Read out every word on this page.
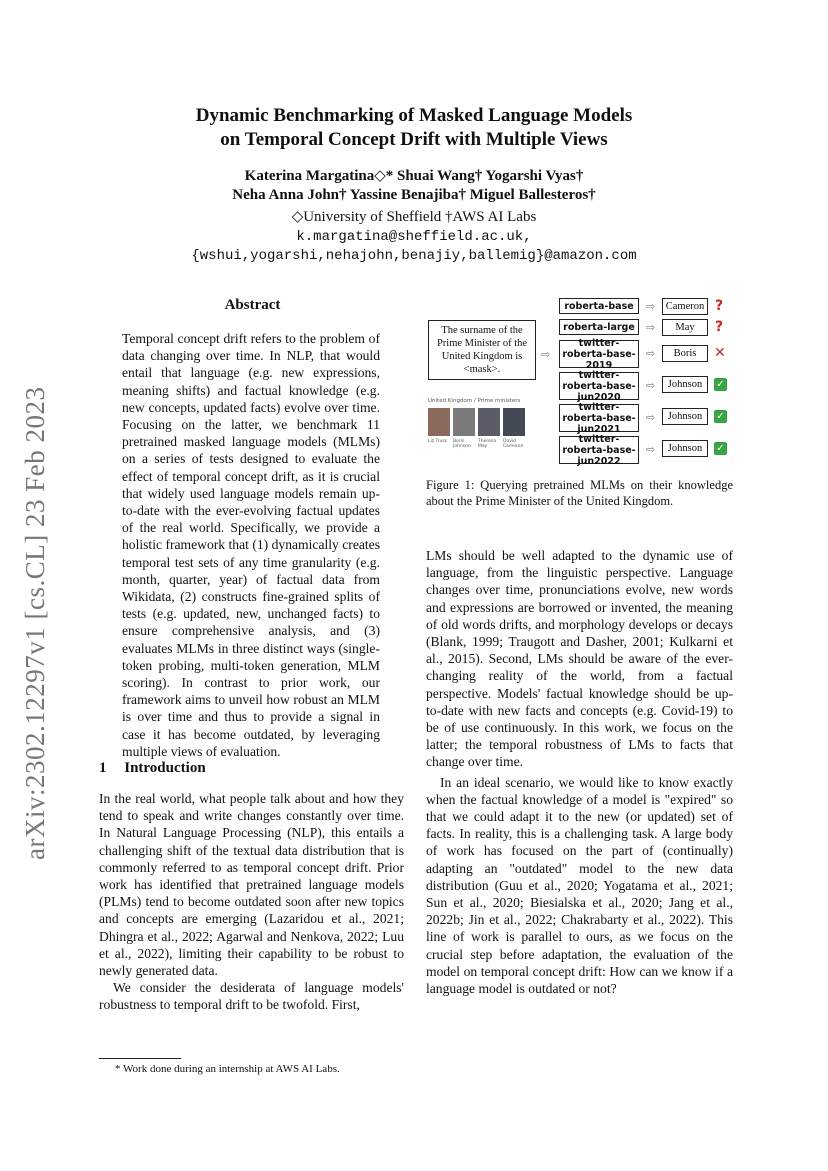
Dynamic Benchmarking of Masked Language Models
on Temporal Concept Drift with Multiple Views
Katerina Margatina◇* Shuai Wang† Yogarshi Vyas†
Neha Anna John† Yassine Benajiba† Miguel Ballesteros†
◇University of Sheffield †AWS AI Labs
k.margatina@sheffield.ac.uk,
{wshui,yogarshi,nehajohn,benajiy,ballemig}@amazon.com
arXiv:2302.12297v1 [cs.CL] 23 Feb 2023
Abstract

Temporal concept drift refers to the problem of data changing over time. In NLP, that would entail that language (e.g. new expressions, meaning shifts) and factual knowledge (e.g. new concepts, updated facts) evolve over time. Focusing on the latter, we benchmark 11 pretrained masked language models (MLMs) on a series of tests designed to evaluate the effect of temporal concept drift, as it is crucial that widely used language models remain up-to-date with the ever-evolving factual updates of the real world. Specifically, we provide a holistic framework that (1) dynamically creates temporal test sets of any time granularity (e.g. month, quarter, year) of factual data from Wikidata, (2) constructs fine-grained splits of tests (e.g. updated, new, unchanged facts) to ensure comprehensive analysis, and (3) evaluates MLMs in three distinct ways (single-token probing, multi-token generation, MLM scoring). In contrast to prior work, our framework aims to unveil how robust an MLM is over time and thus to provide a signal in case it has become outdated, by leveraging multiple views of evaluation.

1 Introduction

In the real world, what people talk about and how they tend to speak and write changes constantly over time. In Natural Language Processing (NLP), this entails a challenging shift of the textual data distribution that is commonly referred to as temporal concept drift. Prior work has identified that pretrained language models (PLMs) tend to become outdated soon after new topics and concepts are emerging (Lazaridou et al., 2021; Dhingra et al., 2022; Agarwal and Nenkova, 2022; Luu et al., 2022), limiting their capability to be robust to newly generated data.

We consider the desiderata of language models' robustness to temporal drift to be twofold. First,

* Work done during an internship at AWS AI Labs.
The surname of the Prime Minister of the United Kingdom is <mask>.
⇨
United Kingdom / Prime ministers
Liz Truss	Boris Johnson
Theresa May
David Cameron
roberta-base
roberta-large
twitter-roberta-base-2019
twitter-roberta-base-jun2020
twitter-roberta-base-jun2021
twitter-roberta-base-jun2022
⇨
⇨
⇨
⇨
⇨
⇨
Cameron
May
Boris
Johnson
Johnson
Johnson
?
?
✕
✓
✓
✓
Figure 1: Querying pretrained MLMs on their knowledge about the Prime Minister of the United Kingdom.

LMs should be well adapted to the dynamic use of language, from the linguistic perspective. Language changes over time, pronunciations evolve, new words and expressions are borrowed or invented, the meaning of old words drifts, and morphology develops or decays (Blank, 1999; Traugott and Dasher, 2001; Kulkarni et al., 2015). Second, LMs should be aware of the ever-changing reality of the world, from a factual perspective. Models' factual knowledge should be up-to-date with new facts and concepts (e.g. Covid-19) to be of use continuously. In this work, we focus on the latter; the temporal robustness of LMs to facts that change over time.

In an ideal scenario, we would like to know exactly when the factual knowledge of a model is "expired" so that we could adapt it to the new (or updated) set of facts. In reality, this is a challenging task. A large body of work has focused on the part of (continually) adapting an "outdated" model to the new data distribution (Guu et al., 2020; Yogatama et al., 2021; Sun et al., 2020; Biesialska et al., 2020; Jang et al., 2022b; Jin et al., 2022; Chakrabarty et al., 2022). This line of work is parallel to ours, as we focus on the crucial step before adaptation, the evaluation of the model on temporal concept drift: How can we know if a language model is outdated or not?
